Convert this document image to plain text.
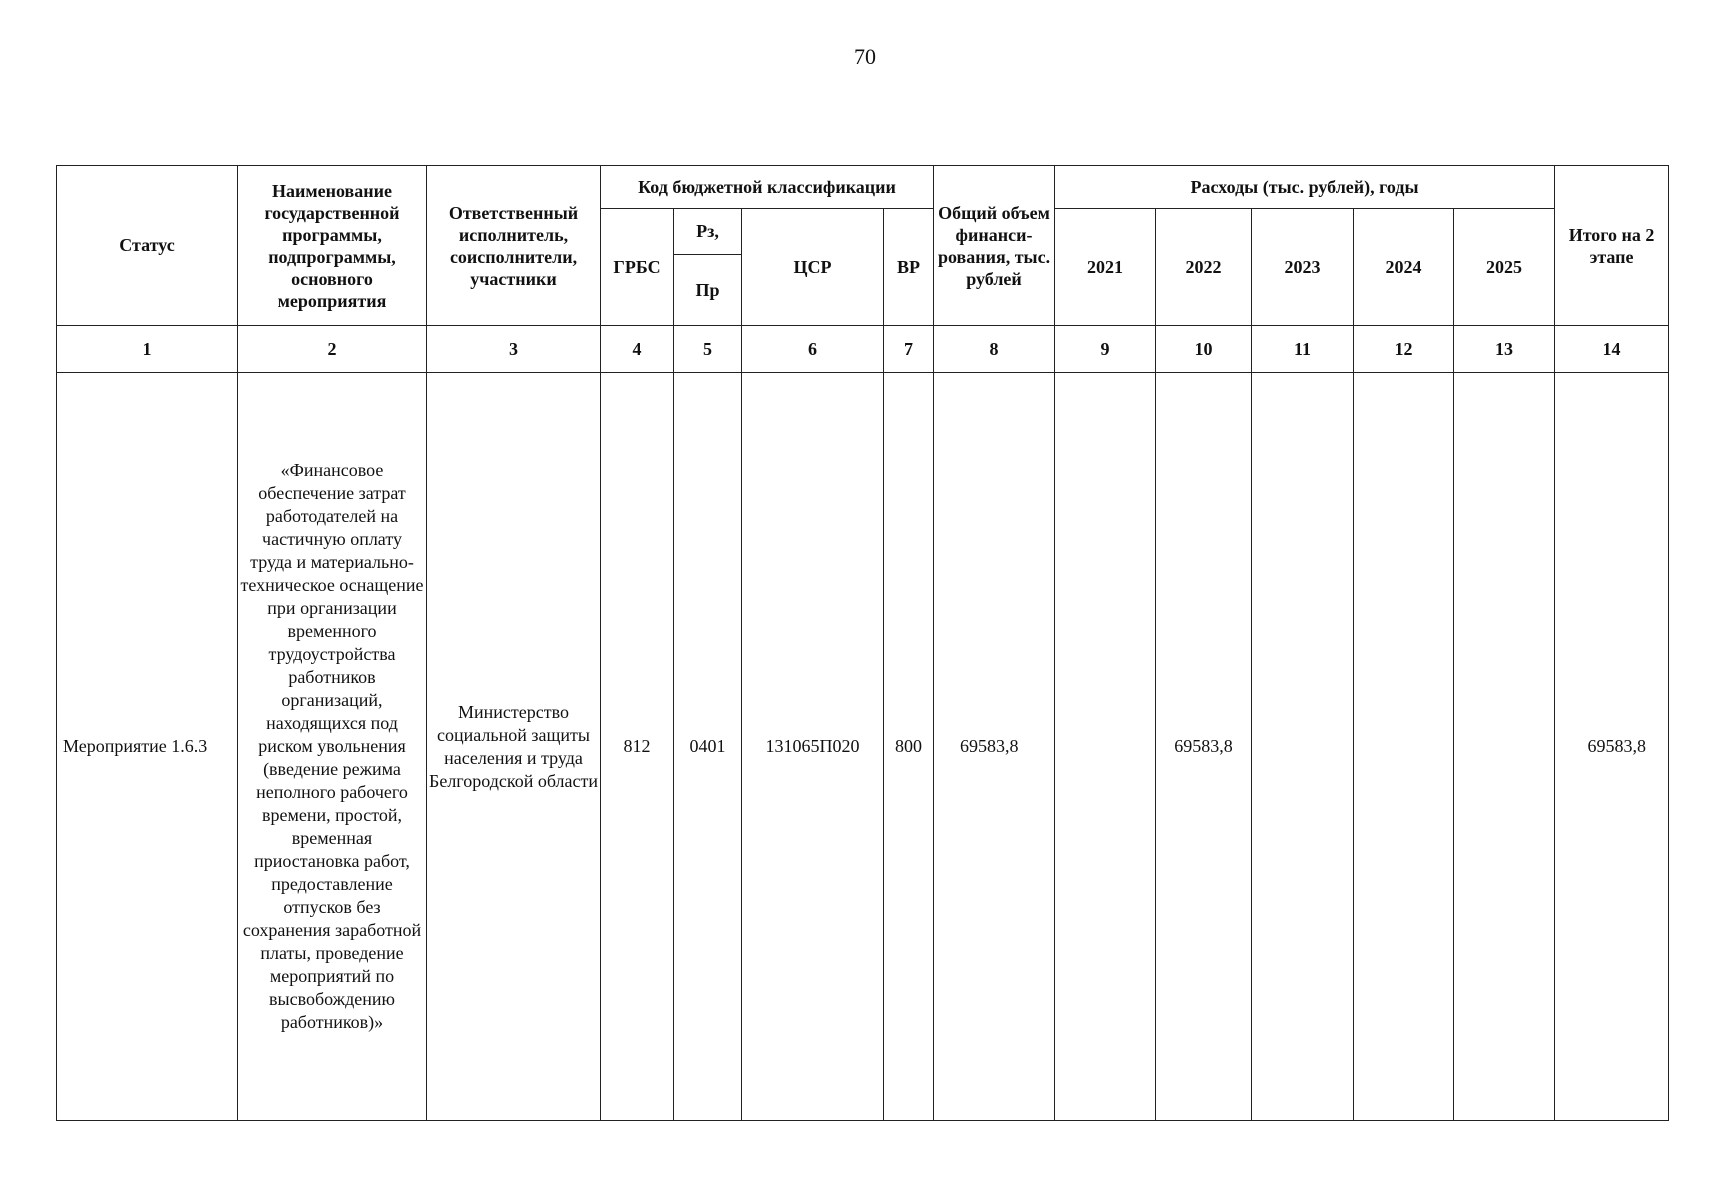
70
Статус	Наименование государственной программы, подпрограммы, основного мероприятия	Ответственный исполнитель, соисполнители, участники	Код бюджетной классификации				Общий объем финанси-рования, тыс. рублей	Расходы (тыс. рублей), годы					Итого на 2 этапе
			ГРБС	Рз,	ЦСР	ВР		2021	2022	2023	2024	2025	
				Пр									
1	2	3	4	5	6	7	8	9	10	11	12	13	14
Мероприятие 1.6.3	«Финансовое обеспечение затрат работодателей на частичную оплату труда и материально-техническое оснащение при организации временного трудоустройства работников организаций, находящихся под риском увольнения (введение режима неполного рабочего времени, простой, временная приостановка работ, предоставление отпусков без сохранения заработной платы, проведение мероприятий по высвобождению работников)»	Министерство социальной защиты населения и труда Белгородской области	812	0401	131065П020	800	69583,8		69583,8				69583,8
